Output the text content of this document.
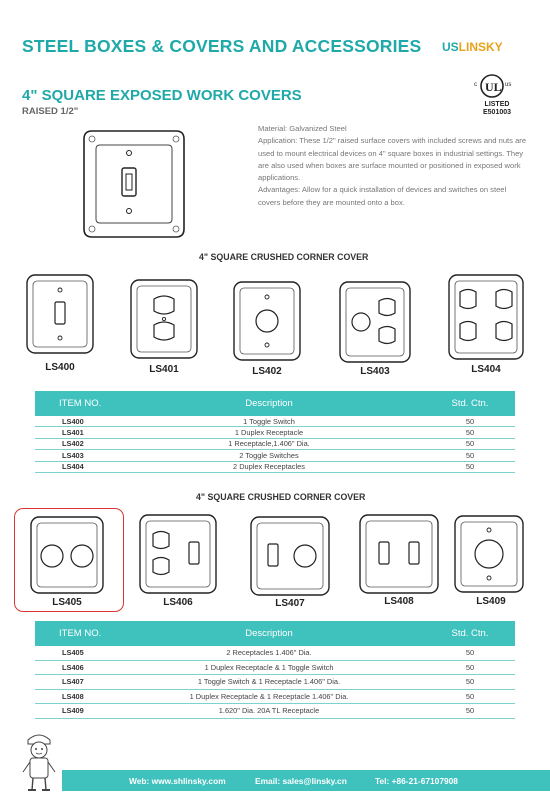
STEEL BOXES & COVERS AND ACCESSORIES USLINSKY
UL
c	us
LISTED
E501003
4" SQUARE EXPOSED WORK COVERS
RAISED 1/2"

Material: Galvanized Steel

Application: These 1/2" raised surface covers with included screws and nuts are used to mount electrical devices on 4" square boxes in industrial settings. They are also used when boxes are surface mounted or positioned in exposed work applications.

Advantages: Allow for a quick installation of devices and switches on steel covers before they are mounted onto a box.

4" SQUARE CRUSHED CORNER COVER
LS400	LS401	LS402	LS403	LS404
ITEM NO.	Description	Std. Ctn.
LS400	1 Toggle Switch	50
LS401	1 Duplex Receptacle	50
LS402	1 Receptacle,1.406" Dia.	50
LS403	2 Toggle Switches	50
LS404	2 Duplex Receptacles	50
4" SQUARE CRUSHED CORNER COVER
LS405	LS406	LS407	LS408	LS409
ITEM NO.	Description	Std. Ctn.
LS405	2 Receptacles 1.406" Dia.	50
LS406	1 Duplex Receptacle & 1 Toggle Switch	50
LS407	1 Toggle Switch & 1 Receptacle 1.406" Dia.	50
LS408	1 Duplex Receptacle & 1 Receptacle 1.406" Dia.	50
LS409	1.620" Dia. 20A TL Receptacle	50
Web: www.shlinsky.com	Email: sales@linsky.cn	Tel: +86-21-67107908
